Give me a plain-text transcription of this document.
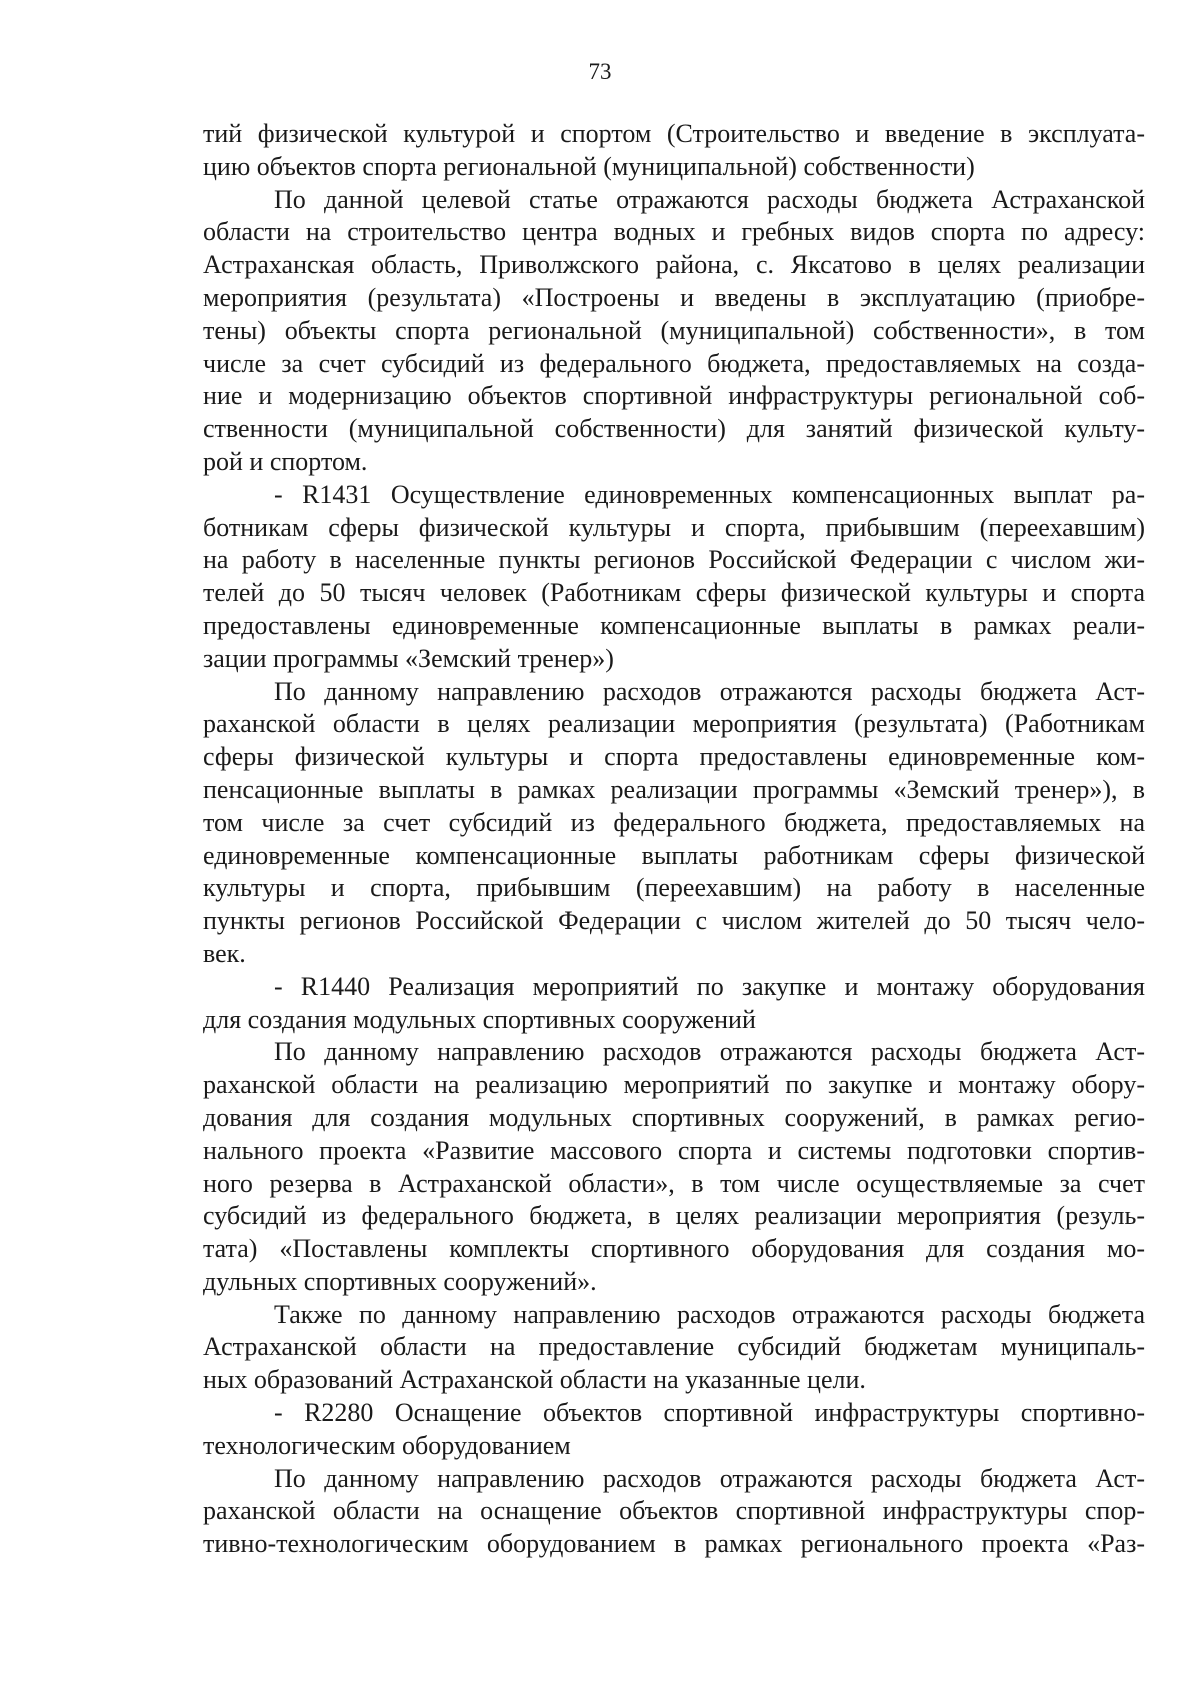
73
тий физической культурой и спортом (Строительство и введение в эксплуата-
цию объектов спорта региональной (муниципальной) собственности)
По данной целевой статье отражаются расходы бюджета Астраханской
области на строительство центра водных и гребных видов спорта по адресу:
Астраханская область, Приволжского района, с. Яксатово в целях реализации
мероприятия (результата) «Построены и введены в эксплуатацию (приобре-
тены) объекты спорта региональной (муниципальной) собственности», в том
числе за счет субсидий из федерального бюджета, предоставляемых на созда-
ние и модернизацию объектов спортивной инфраструктуры региональной соб-
ственности (муниципальной собственности) для занятий физической культу-
рой и спортом.
- R1431 Осуществление единовременных компенсационных выплат ра-
ботникам сферы физической культуры и спорта, прибывшим (переехавшим)
на работу в населенные пункты регионов Российской Федерации с числом жи-
телей до 50 тысяч человек (Работникам сферы физической культуры и спорта
предоставлены единовременные компенсационные выплаты в рамках реали-
зации программы «Земский тренер»)
По данному направлению расходов отражаются расходы бюджета Аст-
раханской области в целях реализации мероприятия (результата) (Работникам
сферы физической культуры и спорта предоставлены единовременные ком-
пенсационные выплаты в рамках реализации программы «Земский тренер»), в
том числе за счет субсидий из федерального бюджета, предоставляемых на
единовременные компенсационные выплаты работникам сферы физической
культуры и спорта, прибывшим (переехавшим) на работу в населенные
пункты регионов Российской Федерации с числом жителей до 50 тысяч чело-
век.
- R1440 Реализация мероприятий по закупке и монтажу оборудования
для создания модульных спортивных сооружений
По данному направлению расходов отражаются расходы бюджета Аст-
раханской области на реализацию мероприятий по закупке и монтажу обору-
дования для создания модульных спортивных сооружений, в рамках регио-
нального проекта «Развитие массового спорта и системы подготовки спортив-
ного резерва в Астраханской области», в том числе осуществляемые за счет
субсидий из федерального бюджета, в целях реализации мероприятия (резуль-
тата) «Поставлены комплекты спортивного оборудования для создания мо-
дульных спортивных сооружений».
Также по данному направлению расходов отражаются расходы бюджета
Астраханской области на предоставление субсидий бюджетам муниципаль-
ных образований Астраханской области на указанные цели.
- R2280 Оснащение объектов спортивной инфраструктуры спортивно-
технологическим оборудованием
По данному направлению расходов отражаются расходы бюджета Аст-
раханской области на оснащение объектов спортивной инфраструктуры спор-
тивно-технологическим оборудованием в рамках регионального проекта «Раз-
